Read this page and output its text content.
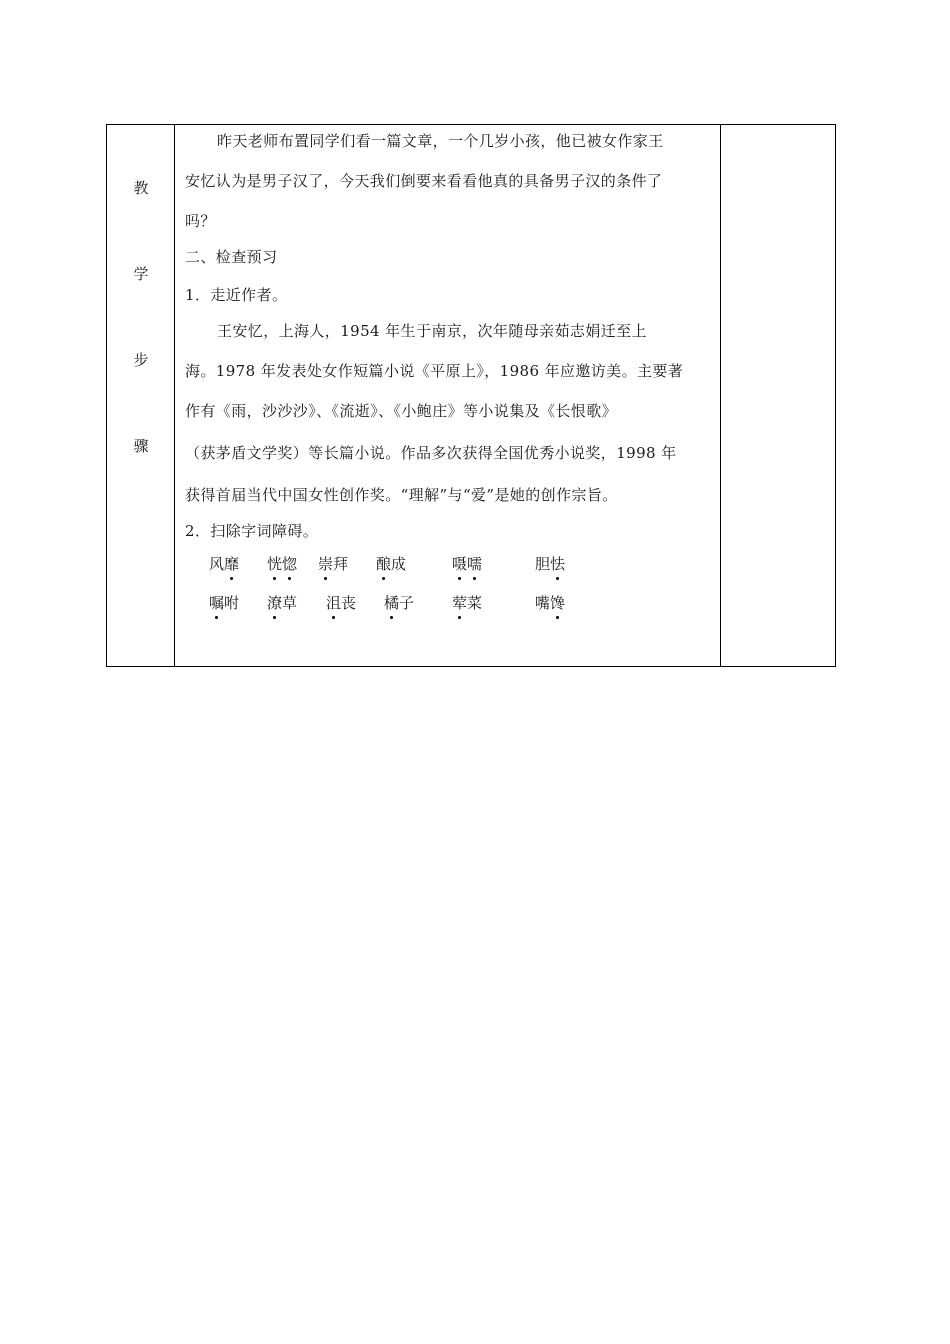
教
学
步
骤
昨天老师布置同学们看一篇文章，一个几岁小孩，他已被女作家王
安忆认为是男子汉了，今天我们倒要来看看他真的具备男子汉的条件了
吗？
二、检查预习
1．走近作者。
王安忆，上海人，1954 年生于南京，次年随母亲茹志娟迁至上
海。1978 年发表处女作短篇小说《平原上》，1986 年应邀访美。主要著
作有《雨，沙沙沙》、《流逝》、《小鲍庄》等小说集及《长恨歌》
（获茅盾文学奖）等长篇小说。作品多次获得全国优秀小说奖，1998 年
获得首届当代中国女性创作奖。“理解”与“爱”是她的创作宗旨。
2．扫除字词障碍。
风靡 恍惚 崇拜 酿成	嗫嚅	胆怯
嘱咐 潦草 沮丧 橘子	荤菜	嘴馋
